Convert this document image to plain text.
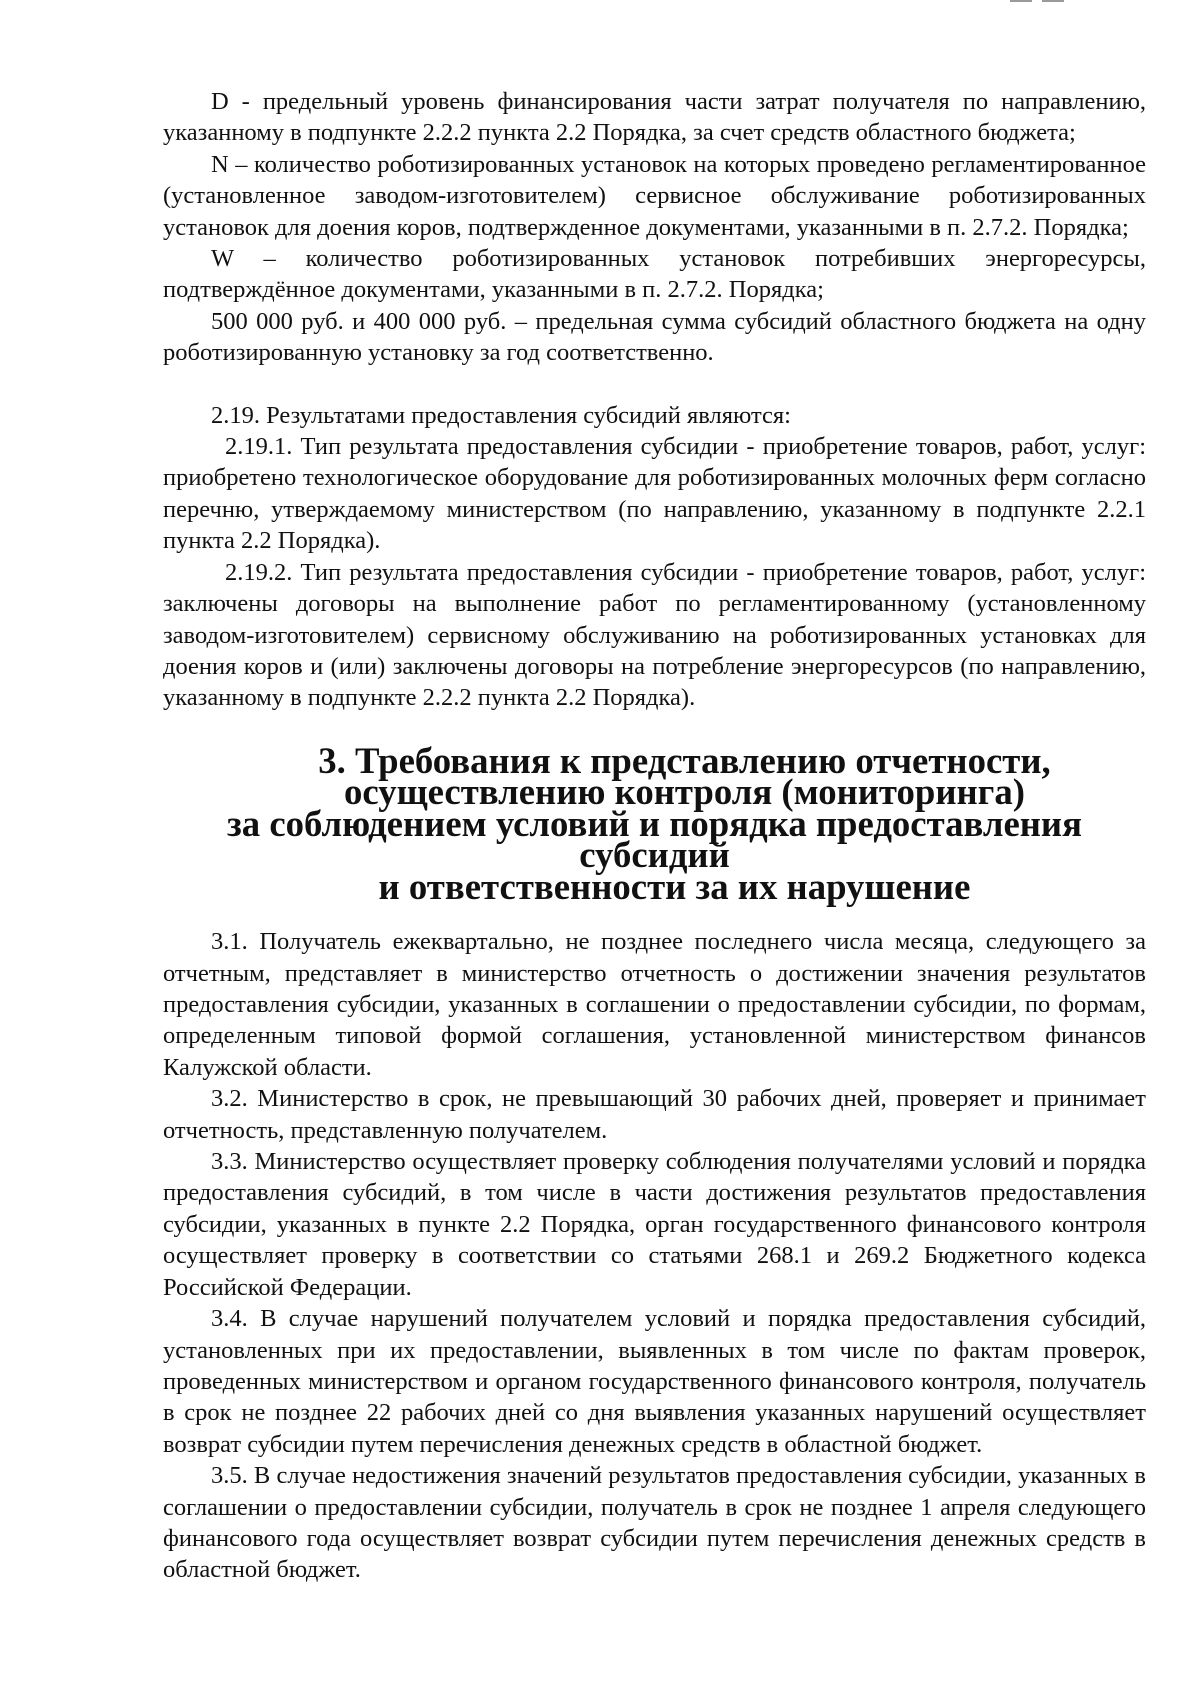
D - предельный уровень финансирования части затрат получателя по направлению, указанному в подпункте 2.2.2 пункта 2.2 Порядка, за счет средств областного бюджета;

N – количество роботизированных установок на которых проведено регламентированное (установленное заводом-изготовителем) сервисное обслуживание роботизированных установок для доения коров, подтвержденное документами, указанными в п. 2.7.2. Порядка;

W – количество роботизированных установок потребивших энергоресурсы, подтверждённое документами, указанными в п. 2.7.2. Порядка;

500 000 руб. и 400 000 руб. – предельная сумма субсидий областного бюджета на одну роботизированную установку за год соответственно.

2.19. Результатами предоставления субсидий являются:

2.19.1. Тип результата предоставления субсидии - приобретение товаров, работ, услуг: приобретено технологическое оборудование для роботизированных молочных ферм согласно перечню, утверждаемому министерством (по направлению, указанному в подпункте 2.2.1 пункта 2.2 Порядка).

2.19.2. Тип результата предоставления субсидии - приобретение товаров, работ, услуг: заключены договоры на выполнение работ по регламентированному (установленному заводом-изготовителем) сервисному обслуживанию на роботизированных установках для доения коров и (или) заключены договоры на потребление энергоресурсов (по направлению, указанному в подпункте 2.2.2 пункта 2.2 Порядка).

3. Требования к представлению отчетности,
осуществлению контроля (мониторинга)
за соблюдением условий и порядка предоставления субсидий
и ответственности за их нарушение

3.1. Получатель ежеквартально, не позднее последнего числа месяца, следующего за отчетным, представляет в министерство отчетность о достижении значения результатов предоставления субсидии, указанных в соглашении о предоставлении субсидии, по формам, определенным типовой формой соглашения, установленной министерством финансов Калужской области.

3.2. Министерство в срок, не превышающий 30 рабочих дней, проверяет и принимает отчетность, представленную получателем.

3.3. Министерство осуществляет проверку соблюдения получателями условий и порядка предоставления субсидий, в том числе в части достижения результатов предоставления субсидии, указанных в пункте 2.2 Порядка, орган государственного финансового контроля осуществляет проверку в соответствии со статьями 268.1 и 269.2 Бюджетного кодекса Российской Федерации.

3.4. В случае нарушений получателем условий и порядка предоставления субсидий, установленных при их предоставлении, выявленных в том числе по фактам проверок, проведенных министерством и органом государственного финансового контроля, получатель в срок не позднее 22 рабочих дней со дня выявления указанных нарушений осуществляет возврат субсидии путем перечисления денежных средств в областной бюджет.

3.5. В случае недостижения значений результатов предоставления субсидии, указанных в соглашении о предоставлении субсидии, получатель в срок не позднее 1 апреля следующего финансового года осуществляет возврат субсидии путем перечисления денежных средств в областной бюджет.
